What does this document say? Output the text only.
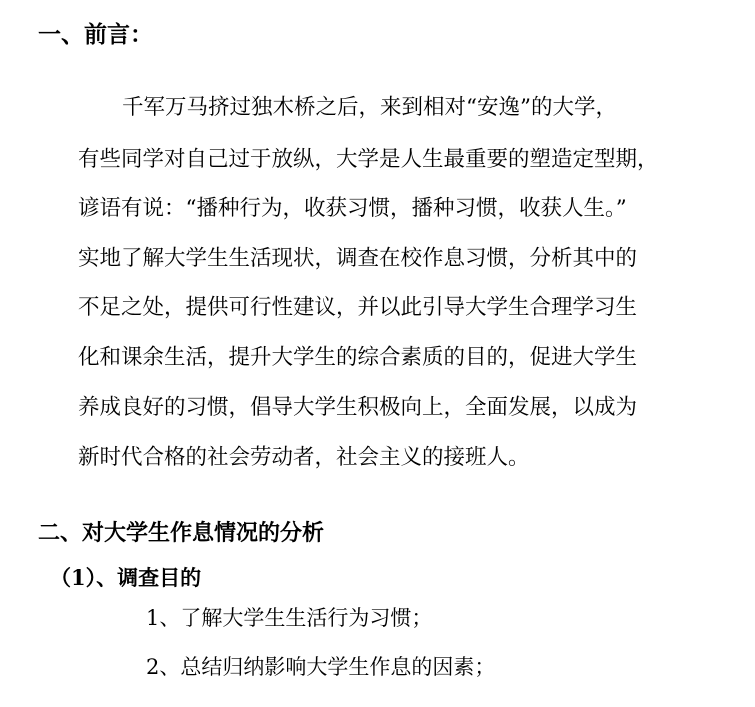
一、前言：
千军万马挤过独木桥之后，来到相对“安逸”的大学，
有些同学对自己过于放纵，大学是人生最重要的塑造定型期，
谚语有说：“播种行为，收获习惯，播种习惯，收获人生。”
实地了解大学生生活现状，调查在校作息习惯，分析其中的
不足之处，提供可行性建议，并以此引导大学生合理学习生
化和课余生活，提升大学生的综合素质的目的，促进大学生
养成良好的习惯，倡导大学生积极向上，全面发展，以成为
新时代合格的社会劳动者，社会主义的接班人。
二、对大学生作息情况的分析
（1）、调查目的
1、了解大学生生活行为习惯；
2、总结归纳影响大学生作息的因素；
